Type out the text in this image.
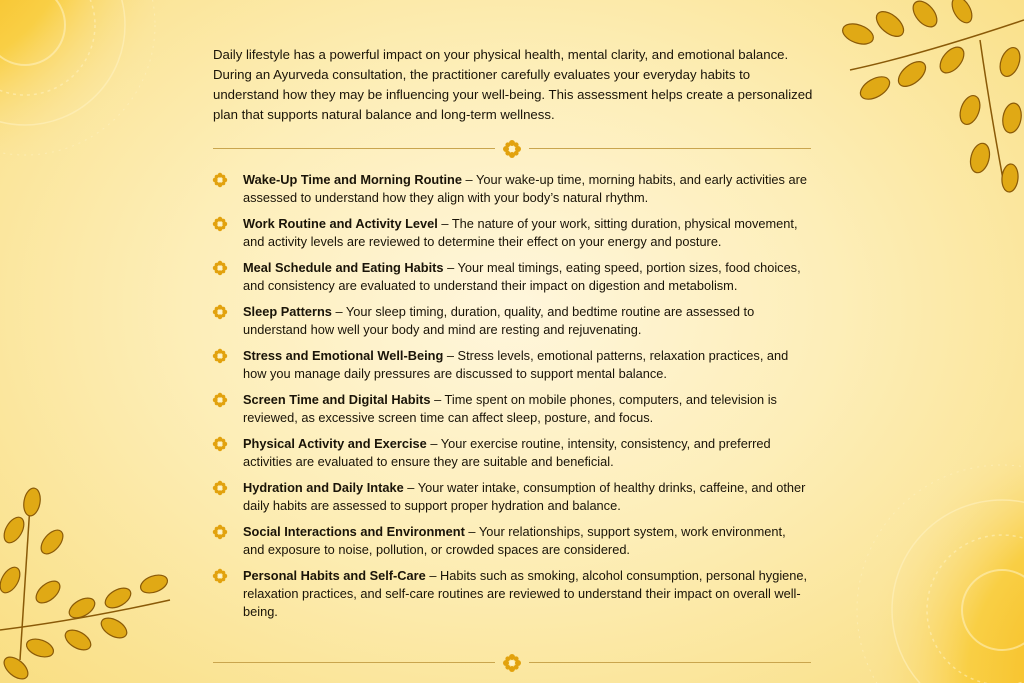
Daily lifestyle has a powerful impact on your physical health, mental clarity, and emotional balance. During an Ayurveda consultation, the practitioner carefully evaluates your everyday habits to understand how they may be influencing your well-being. This assessment helps create a personalized plan that supports natural balance and long-term wellness.

Wake-Up Time and Morning Routine – Your wake-up time, morning habits, and early activities are assessed to understand how they align with your body’s natural rhythm.
Work Routine and Activity Level – The nature of your work, sitting duration, physical movement, and activity levels are reviewed to determine their effect on your energy and posture.
Meal Schedule and Eating Habits – Your meal timings, eating speed, portion sizes, food choices, and consistency are evaluated to understand their impact on digestion and metabolism.
Sleep Patterns – Your sleep timing, duration, quality, and bedtime routine are assessed to understand how well your body and mind are resting and rejuvenating.
Stress and Emotional Well-Being – Stress levels, emotional patterns, relaxation practices, and how you manage daily pressures are discussed to support mental balance.
Screen Time and Digital Habits – Time spent on mobile phones, computers, and television is reviewed, as excessive screen time can affect sleep, posture, and focus.
Physical Activity and Exercise – Your exercise routine, intensity, consistency, and preferred activities are evaluated to ensure they are suitable and beneficial.
Hydration and Daily Intake – Your water intake, consumption of healthy drinks, caffeine, and other daily habits are assessed to support proper hydration and balance.
Social Interactions and Environment – Your relationships, support system, work environment, and exposure to noise, pollution, or crowded spaces are considered.
Personal Habits and Self-Care – Habits such as smoking, alcohol consumption, personal hygiene, relaxation practices, and self-care routines are reviewed to understand their impact on overall well-being.
